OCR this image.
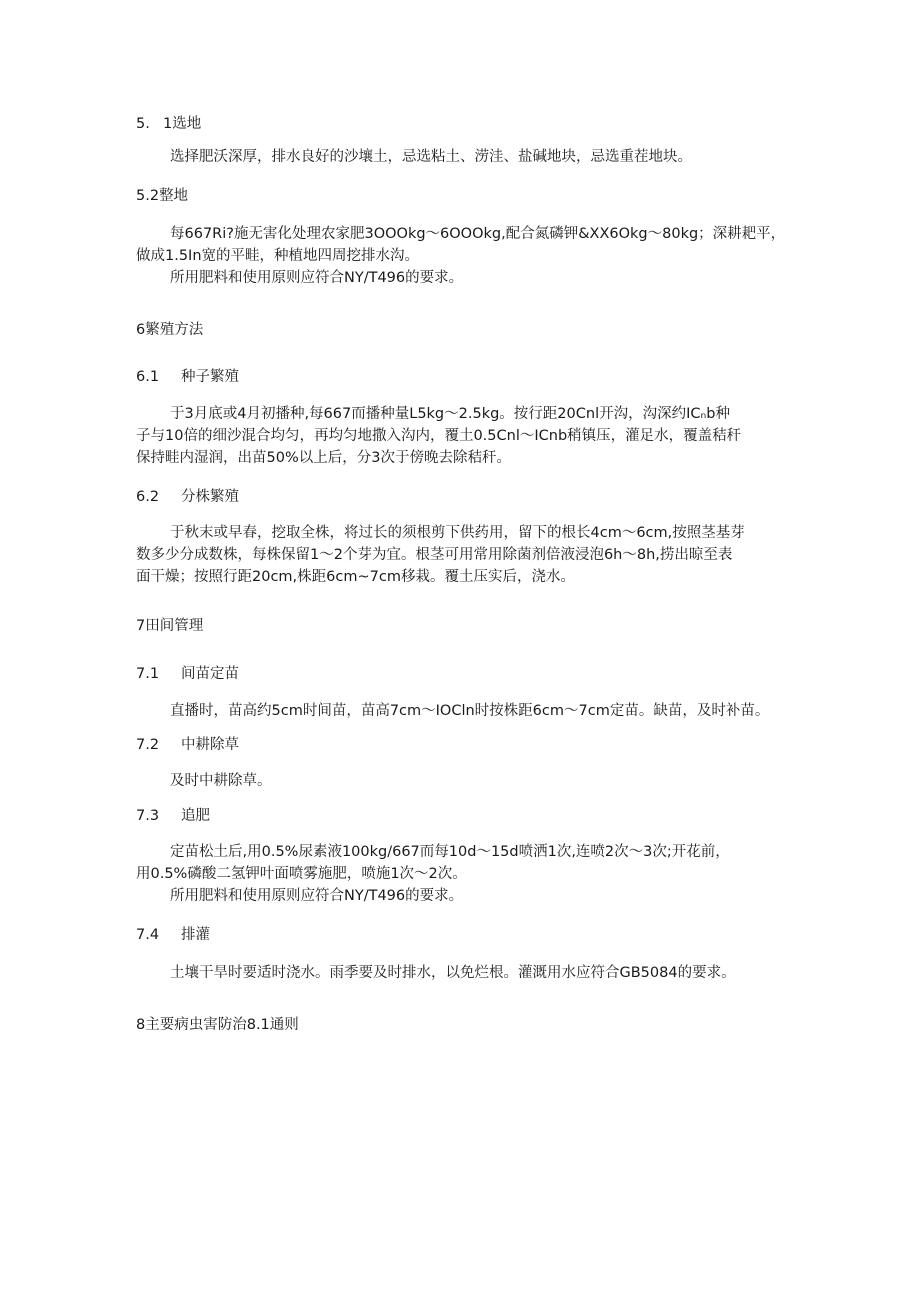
5. 1选地
选择肥沃深厚，排水良好的沙壤土，忌选粘土、涝洼、盐碱地块，忌选重茬地块。
5.2整地
每667Ri?施无害化处理农家肥3OOOkg～6OOOkg,配合氮磷钾&XX6Okg～80kg；深耕耙平，
做成1.5In宽的平畦，种植地四周挖排水沟。
所用肥料和使用原则应符合NY/T496的要求。
6繁殖方法
6.1 种子繁殖
于3月底或4月初播种,每667而播种量L5kg～2.5kg。按行距20Cnl开沟，沟深约ICₙb种
子与10倍的细沙混合均匀，再均匀地撒入沟内，覆土0.5Cnl～ICnb稍镇压，灌足水，覆盖秸秆
保持畦内湿润，出苗50%以上后，分3次于傍晚去除秸秆。
6.2 分株繁殖
于秋末或早春，挖取全株，将过长的须根剪下供药用，留下的根长4cm～6cm,按照茎基芽
数多少分成数株，每株保留1～2个芽为宜。根茎可用常用除菌剂倍液浸泡6h～8h,捞出晾至表
面干燥；按照行距20cm,株距6cm~7cm移栽。覆土压实后，浇水。
7田间管理
7.1 间苗定苗
直播时，苗高约5cm时间苗，苗高7cm～IOCln时按株距6cm～7cm定苗。缺苗，及时补苗。
7.2 中耕除草
及时中耕除草。
7.3 追肥
定苗松土后,用0.5%尿素液100kg/667而每10d～15d喷洒1次,连喷2次～3次;开花前，
用0.5%磷酸二氢钾叶面喷雾施肥，喷施1次～2次。
所用肥料和使用原则应符合NY/T496的要求。
7.4 排灌
土壤干旱时要适时浇水。雨季要及时排水，以免烂根。灌溉用水应符合GB5084的要求。
8主要病虫害防治8.1通则
